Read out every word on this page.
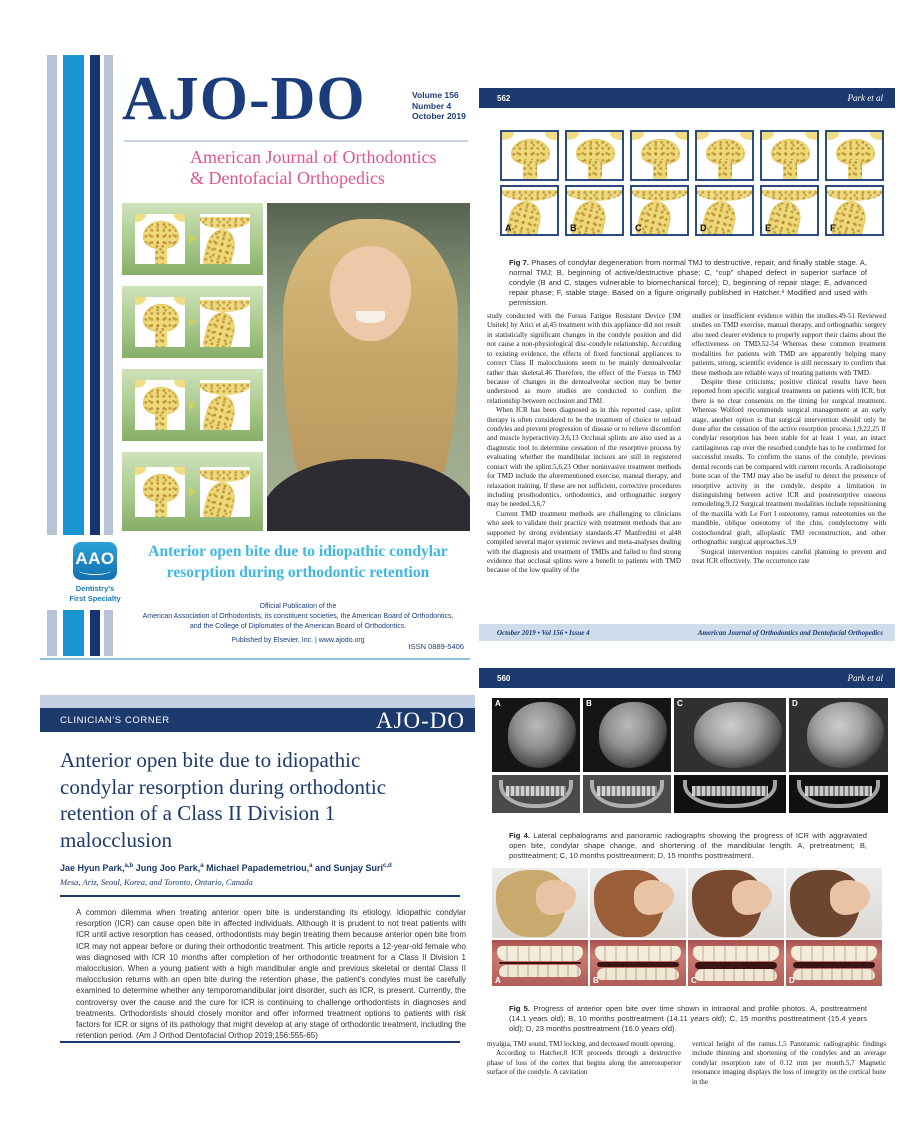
AJO-DO	Volume 156
Number 4
October 2019
American Journal of Orthodontics
& Dentofacial Orthopedics
Anterior open bite due to idiopathic condylar
resorption during orthodontic retention
AAO
Dentistry's
First Specialty
Official Publication of the
American Association of Orthodontists, its constituent societies, the American Board of Orthodontics,
and the College of Diplomates of the American Board of Orthodontics.
Published by Elsevier, Inc. | www.ajodo.org
ISSN 0889-5406
562	Park et al
A	B	C	D	E	F

Fig 7. Phases of condylar degeneration from normal TMJ to destructive, repair, and finally stable stage. A, normal TMJ; B, beginning of active/destructive phase; C, “cup” shaped defect in superior surface of condyle (B and C, stages vulnerable to biomechanical force); D, beginning of repair stage; E, advanced repair phase; F, stable stage. Based on a figure originally published in Hatcher.⁸ Modified and used with permission.

study conducted with the Forsus Fatigue Resistant Device [3M Unitek] by Arici et al,45 treatment with this appliance did not result in statistically significant changes in the condyle position and did not cause a non-physiological disc-condyle relationship. According to existing evidence, the effects of fixed functional appliances to correct Class II malocclusions seem to be mainly dentoalveolar rather than skeletal.46 Therefore, the effect of the Forsus in TMJ because of changes in the dentoalveolar section may be better understood as more studies are conducted to confirm the relationship between occlusion and TMJ.

When ICR has been diagnosed as in this reported case, splint therapy is often considered to be the treatment of choice to unload condyles and prevent progression of disease or to relieve discomfort and muscle hyperactivity.3,6,13 Occlusal splints are also used as a diagnostic tool to determine cessation of the resorptive process by evaluating whether the mandibular incisors are still in registered contact with the splint.5,6,23 Other noninvasive treatment methods for TMD include the aforementioned exercise, manual therapy, and relaxation training. If these are not sufficient, corrective procedures including prosthodontics, orthodontics, and orthognathic surgery may be needed.3,6,7

Current TMD treatment methods are challenging to clinicians who seek to validate their practice with treatment methods that are supported by strong evidentiary standards.47 Manfredini et al48 compiled several major systemic reviews and meta-analyses dealing with the diagnosis and treatment of TMDs and failed to find strong evidence that occlusal splints were a benefit to patients with TMD because of the low quality of the

studies or insufficient evidence within the studies.49-51 Reviewed studies on TMD exercise, manual therapy, and orthognathic surgery also need clearer evidence to properly support their claims about the effectiveness on TMD.52-54 Whereas these common treatment modalities for patients with TMD are apparently helping many patients, strong, scientific evidence is still necessary to confirm that these methods are reliable ways of treating patients with TMD.

Despite these criticisms, positive clinical results have been reported from specific surgical treatments on patients with ICR, but there is no clear consensus on the timing for surgical treatment. Whereas Wolford recommends surgical management at an early stage, another option is that surgical intervention should only be done after the cessation of the active resorption process.1,9,22,25 If condylar resorption has been stable for at least 1 year, an intact cartilaginous cap over the resorbed condyle has to be confirmed for successful results. To confirm the status of the condyle, previous dental records can be compared with current records. A radioisotope bone scan of the TMJ may also be useful to detect the presence of resorptive activity in the condyle, despite a limitation in distinguishing between active ICR and postresorptive osseous remodeling.9,12 Surgical treatment modalities include repositioning of the maxilla with Le Fort I osteotomy, ramus osteotomies on the mandible, oblique osteotomy of the chin, condylectomy with costochondral graft, alloplastic TMJ reconstruction, and other orthognathic surgical approaches.3,9

Surgical intervention requires careful planning to prevent and treat ICR effectively. The occurrence rate

October 2019 • Vol 156 • Issue 4	American Journal of Orthodontics and Dentofacial Orthopedics
CLINICIAN'S CORNER	AJO-DO
Anterior open bite due to idiopathic condylar resorption during orthodontic retention of a Class II Division 1 malocclusion

Jae Hyun Park,$^{a,b}$ Jung Joo Park,$^a$ Michael Papademetriou,$^a$ and Sunjay Suri$^{c,d}$

Mesa, Ariz, Seoul, Korea, and Toronto, Ontario, Canada
A common dilemma when treating anterior open bite is understanding its etiology. Idiopathic condylar resorption (ICR) can cause open bite in affected individuals. Although it is prudent to not treat patients with ICR until active resorption has ceased, orthodontists may begin treating them because anterior open bite from ICR may not appear before or during their orthodontic treatment. This article reports a 12-year-old female who was diagnosed with ICR 10 months after completion of her orthodontic treatment for a Class II Division 1 malocclusion. When a young patient with a high mandibular angle and previous skeletal or dental Class II malocclusion returns with an open bite during the retention phase, the patient's condyles must be carefully examined to determine whether any temporomandibular joint disorder, such as ICR, is present. Currently, the controversy over the cause and the cure for ICR is continuing to challenge orthodontists in diagnoses and treatments. Orthodontists should closely monitor and offer informed treatment options to patients with risk factors for ICR or signs of its pathology that might develop at any stage of orthodontic treatment, including the retention period. (Am J Orthod Dentofacial Orthop 2019;156:555-65)
560	Park et al
A	B	C	D

Fig 4. Lateral cephalograms and panoramic radiographs showing the progress of ICR with aggravated open bite, condylar shape change, and shortening of the mandibular length. A, pretreatment; B, posttreatment; C, 10 months posttreatment; D, 15 months posttreatment.

A	B	C	D

Fig 5. Progress of anterior open bite over time shown in intraoral and profile photos. A, posttreatment (14.1 years old); B, 10 months posttreatment (14.11 years old); C, 15 months posttreatment (15.4 years old); D, 23 months posttreatment (16.0 years old).

myalgia, TMJ sound, TMJ locking, and decreased mouth opening.

According to Hatcher,8 ICR proceeds through a destructive phase of loss of the cortex that begins along the anterosuperior surface of the condyle. A cavitation

vertical height of the ramus.1,5 Panoramic radiographic findings include thinning and shortening of the condyles and an average condylar resorption rate of 0.12 mm per month.5,7 Magnetic resonance imaging displays the loss of integrity on the cortical bone in the
